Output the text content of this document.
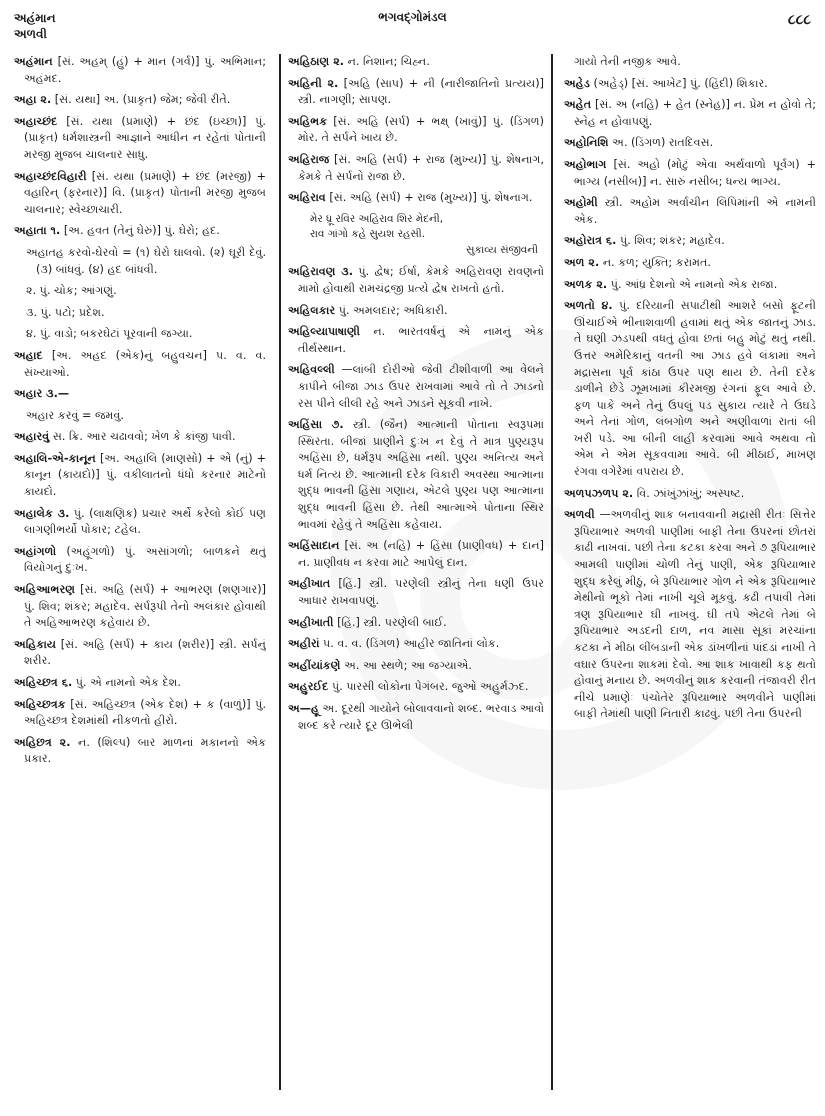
અહંમાન
અળવી
ભગવદ્ગોમંડલ	૮૮૮
અહંમાન [સં. અહમ્ (હું) + માન (ગર્વ)] પું. અભિમાન; અહંમદ.
અહા ૨. [સં. યથા] અ. (પ્રાકૃત) જેમ; જેવી રીતે.
અહાચ્છંદ [સં. યથા (પ્રમાણે) + છંદ (ઇચ્છા)] પું. (પ્રાકૃત) ધર્મશાસ્ત્રની આજ્ઞાને આધીન ન રહેતાં પોતાની મરજી મુજબ ચાલનાર સાધુ.
અહાચ્છંદવિહારી [સં. યથા (પ્રમાણે) + છંદ (મરજી) + વહારિન્ (ફરનાર)] વિ. (પ્રાકૃત) પોતાની મરજી મુજબ ચાલનાર; સ્વેચ્છાચારી.
અહાતા ૧. [અ. હવત (તેનું ઘેરું)] પું. ઘેરો; હદ.
અહાતહ કરવો-ઘેરવો = (૧) ઘેરો ઘાલવો. (૨) ઘૂરી દેવું. (૩) બાંધવું. (૪) હદ બાંધવી.
૨. પું. ચોક; આંગણું.
૩. પું. પટો; પ્રદેશ.
૪. પું. વાડો; બકરઘેટાં પૂરવાની જગ્યા.
અહાદ [અ. અહદ (એક)નું બહુવચન] પ. વ. વ. સંખ્યાઓ.
અહાર ૩.—
અહાર કરવું = જમવું.
અહારવું સ. ક્રિ. આર ચઢાવવો; ખેળ કે કાંજી પાવી.
અહાલિ-એ-કાનૂન [અ. અહાલિ (માણસો) + એ (નું) + કાનૂન (કાયદો)] પું. વકીલાતનો ધંધો કરનાર માટેનો કાયદો.
અહાલેક ૩. પું. (લાક્ષણિક) પ્રચાર અર્થે કરેલો કોઈ પણ લાગણીભર્યો પોકાર; ટહેલ.
અહાંગળો (અહૂંગળો) પું. અસાંગળો; બાળકને થતું વિયોગનું દુઃખ.
અહિઆભરણ [સં. અહિ (સર્પ) + આભરણ (શણગાર)] પું. શિવ; શંકર; મહાદેવ. સર્પરૂપી તેનો અલંકાર હોવાથી તે અહિઆભરણ કહેવાય છે.
અહિકાય [સં. અહિ (સર્પ) + કાય (શરીર)] સ્ત્રી. સર્પનું શરીર.
અહિચ્છત્ર ૬. પું. એ નામનો એક દેશ.
અહિચ્છત્રક [સં. અહિચ્છત્ર (એક દેશ) + ક (વાળું)] પું. અહિચ્છત્ર દેશમાંથી નીકળતો હીરો.
અહિછત્ર ૨. ન. (શિલ્પ) બાર માળનાં મકાનનો એક પ્રકાર.
અહિઠાણ ૨. ન. નિશાન; ચિહ્ન.
અહિની ૨. [અહિ (સાપ) + ની (નારીજાતિનો પ્રત્યય)] સ્ત્રી. નાગણી; સાપણ.
અહિભક [સં. અહિ (સર્પ) + ભક્ષ્ (ખાવું)] પું. (ડિંગળ) મોર. તે સર્પને ખાય છે.
અહિરાજ [સં. અહિ (સર્પ) + રાજ (મુખ્ય)] પું. શેષનાગ, કેમકે તે સર્પનો રાજા છે.
અહિરાવ [સં. અહિ (સર્પ) + રાજ (મુખ્ય)] પું. શેષનાગ.
મેર ધ્રૂ રવિર અહિરાવ શિર મેદની,
રાવ ગાંગો કહે સુયશ રહસી.
સુકાવ્ય સંજીવની
અહિરાવણ ૩. પું. દ્વેષ; ઈર્ષા, કેમકે અહિરાવણ રાવણનો મામો હોવાથી રામચંદ્રજી પ્રત્યે દ્વેષ રાખતો હતો.
અહિલકાર પું. અમલદાર; અધિકારી.
અહિલ્યાપાષાણી ન. ભારતવર્ષનું એ નામનું એક તીર્થસ્થાન.
અહિવલ્લી —લાંબી દોરીઓ જેવી ટીશીવાળી આ વેલને કાપીને બીજા ઝાડ ઉપર રાખવામાં આવે તો તે ઝાડનો રસ પીને લીલી રહે અને ઝાડને સૂકવી નાખે.
અહિંસા ૭. સ્ત્રી. (જૈન) આત્માની પોતાના સ્વરૂપમાં સ્થિરતા. બીજાં પ્રાણીને દુઃખ ન દેવું તે માત્ર પુણ્યરૂપ અહિંસા છે, ધર્મરૂપ અહિંસા નથી. પુણ્ય અનિત્ય અને ધર્મ નિત્ય છે. આત્માની દરેક વિકારી અવસ્થા આત્માના શુદ્ધ ભાવની હિંસા ગણાય, એટલે પુણ્ય પણ આત્માના શુદ્ધ ભાવની હિંસા છે. તેથી આત્માએ પોતાના સ્થિર ભાવમાં રહેવું તે અહિંસા કહેવાય.
અહિંસાદાન [સં. અ (નહિ) + હિંસા (પ્રાણીવધ) + દાન] ન. પ્રાણીવધ ન કરવા માટે આપેલું દાન.
અહીખાત [હિં.] સ્ત્રી. પરણેલી સ્ત્રીનું તેના ધણી ઉપર આધાર રાખવાપણું.
અહીખાતી [હિં.] સ્ત્રી. પરણેલી બાઈ.
અહીરાં પ. વ. વ. (ડિંગળ) આહીર જાતિનાં લોક.
અહીંયાંકણે અ. આ સ્થળે; આ જગ્યાએ.
અહુરઈદ પું. પારસી લોકોના પેગંબર. જુઓ અહુર્મઝ્દ.
અ—હૂ અ. દૂરથી ગાયોને બોલાવવાનો શબ્દ. ભરવાડ આવો શબ્દ કરે ત્યારે દૂર ઊભેલી
ગાયો તેની નજીક આવે.
અહેડ (અહેડ્) [સં. આખેટ] પું. (હિંદી) શિકાર.
અહેત [સં. અ (નહિ) + હેત (સ્નેહ)] ન. પ્રેમ ન હોવો તે; સ્નેહ ન હોવાપણું.
અહોનિશિ અ. (ડિંગળ) રાતદિવસ.
અહોભાગ [સં. અહો (મોટું એવા અર્થવાળો પૂર્વગ) + ભાગ્ય (નસીબ)] ન. સારું નસીબ; ધન્ય ભાગ્ય.
અહોમી સ્ત્રી. અહોમ અર્વાચીન લિપિમાંની એ નામની એક.
અહોરાત્ર ૬. પું. શિવ; શંકર; મહાદેવ.
અળ ૨. ન. કળ; યુક્તિ; કરામત.
અળક ૨. પું. આંધ્ર દેશનો એ નામનો એક રાજા.
અળતો ૪. પું. દરિયાની સપાટીથી આશરે બસો ફૂટની ઊંચાઈએ ભીનાશવાળી હવામાં થતું એક જાતનું ઝાડ. તે ઘણી ઝડપથી વધતું હોવા છતાં બહુ મોટું થતું નથી. ઉત્તર અમેરિકાનું વતની આ ઝાડ હવે લંકામાં અને મદ્રાસના પૂર્વ કાંઠા ઉપર પણ થાય છે. તેની દરેક ડાળીને છેડે ઝૂમખામાં કીરમજી રંગનાં ફૂલ આવે છે. ફળ પાકે અને તેનું ઉપલું પડ સુકાય ત્યારે તે ઉઘડે અને તેનાં ગોળ, લંબગોળ અને અણીવાળાં રાતાં બી ખરી પડે. આ બીની લાહી કરવામાં આવે અથવા તો એમ ને એમ સૂકવવામાં આવે. બી મીઠાઈ, માખણ રંગવા વગેરેમાં વપરાય છે.
અળપઝળપ ૨. વિ. ઝાંખુંઝાંખું; અસ્પષ્ટ.
અળવી —અળવીનું શાક બનાવવાની મદ્રાસી રીતઃ સિત્તેર રૂપિયાભાર અળવી પાણીમાં બાફી તેના ઉપરનાં છોતરાં કાઢી નાખવાં. પછી તેના કટકા કરવા અને ૭ રૂપિયાભાર આમલી પાણીમાં ચોળી તેનું પાણી, એક રૂપિયાભાર શુદ્ધ કરેલું મીઠું, બે રૂપિયાભાર ગોળ ને એક રૂપિયાભાર મેથીનો ભૂકો તેમાં નાખી ચૂલે મૂકવું. કઢી તપાવી તેમાં ત્રણ રૂપિયાભાર ઘી નાખવું. ઘી તપે એટલે તેમાં બે રૂપિયાભાર અડદની દાળ, નવ માસા સૂકાં મરચાંના કટકા ને મીઠા લીંબડાની એક ડાંખળીનાં પાંદડાં નાખી તે વઘાર ઉપરના શાકમાં દેવો. આ શાક ખાવાથી કફ થતો હોવાનું મનાય છે. અળવીનું શાક કરવાની તંજાવરી રીત નીચે પ્રમાણેઃ પંચોતેર રૂપિયાભાર અળવીને પાણીમાં બાફી તેમાંથી પાણી નિતારી કાઢવું. પછી તેના ઉપરની
